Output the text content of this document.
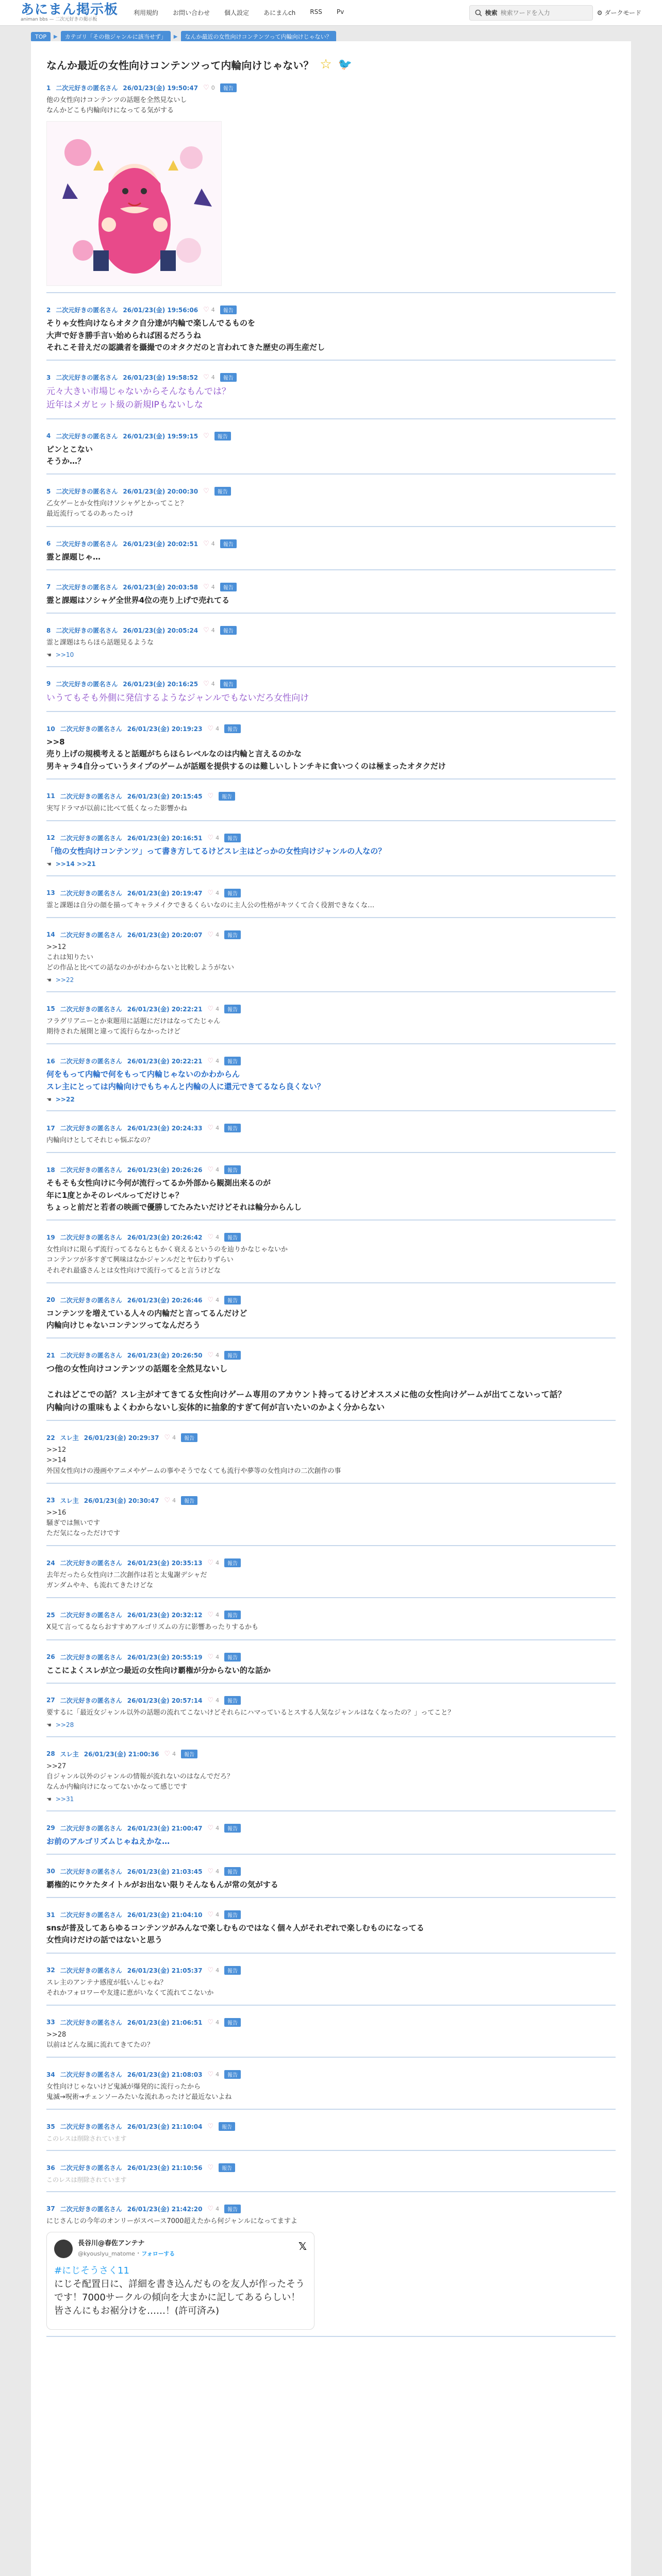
あにまん掲示板
animan bbs — 二次元好きの掲示板
利用規約 お問い合わせ 個人設定 あにまんch RSS Pv	検索
検索ワードを入力	⚙ ダークモード
TOP	▶	カテゴリ「その他ジャンルに該当せず」	▶	なんか最近の女性向けコンテンツって内輪向けじゃない？
なんか最近の女性向けコンテンツって内輪向けじゃない？ ☆ 🐦
1 二次元好きの匿名さん 26/01/23(金) 19:50:47 ♡ 0	報告
他の女性向けコンテンツの話題を全然見ないし
なんかどこも内輪向けになってる気がする
2 二次元好きの匿名さん 26/01/23(金) 19:56:06 ♡ 4	報告
そりゃ女性向けならオタク自分達が内輪で楽しんでるものを
大声で好き勝手言い始められば困るだろうね
それこそ昔えだの認識者を攝撮でのオタクだのと言われてきた歴史の再生産だし
3 二次元好きの匿名さん 26/01/23(金) 19:58:52 ♡ 4	報告
元々大きい市場じゃないからそんなもんでは？
近年はメガヒット級の新規IPもないしな
4 二次元好きの匿名さん 26/01/23(金) 19:59:15 ♡	報告
ピンとこない
そうか…？
5 二次元好きの匿名さん 26/01/23(金) 20:00:30 ♡	報告
乙女ゲーとか女性向けソシャゲとかってこと？
最近流行ってるのあったっけ
6 二次元好きの匿名さん 26/01/23(金) 20:02:51 ♡ 4	報告
霊と課題じゃ…
7 二次元好きの匿名さん 26/01/23(金) 20:03:58 ♡ 4	報告
霊と課題はソシャゲ全世界4位の売り上げで売れてる
8 二次元好きの匿名さん 26/01/23(金) 20:05:24 ♡ 4	報告
霊と課題はちらほら話題見るような
☚ >>10
9 二次元好きの匿名さん 26/01/23(金) 20:16:25 ♡ 4	報告
いうてもそも外側に発信するようなジャンルでもないだろ女性向け
10 二次元好きの匿名さん 26/01/23(金) 20:19:23 ♡ 4	報告
>>8
売り上げの規模考えると話題がちらほらレベルなのは内輪と言えるのかな
男キャラ4自分っていうタイプのゲームが話題を提供するのは難しいしトンチキに食いつくのは極まったオタクだけ
11 二次元好きの匿名さん 26/01/23(金) 20:15:45 ♡	報告
実写ドラマが以前に比べて低くなった影響かね
12 二次元好きの匿名さん 26/01/23(金) 20:16:51 ♡ 4	報告
「他の女性向けコンテンツ」って書き方してるけどスレ主はどっかの女性向けジャンルの人なの？
☚ >>14 >>21
13 二次元好きの匿名さん 26/01/23(金) 20:19:47 ♡ 4	報告
霊と課題は自分の顔を描ってキャラメイクできるくらいなのに主人公の性格がキツくて合く役割できなくな…
14 二次元好きの匿名さん 26/01/23(金) 20:20:07 ♡ 4	報告
>>12
これは知りたい
どの作品と比べての話なのかがわからないと比較しようがない
☚ >>22
15 二次元好きの匿名さん 26/01/23(金) 20:22:21 ♡ 4	報告
フラグリアニーとか束題用に話題にだけはなってたじゃん
期待された展開と違って流行らなかったけど
16 二次元好きの匿名さん 26/01/23(金) 20:22:21 ♡ 4	報告
何をもって内輪で何をもって内輪じゃないのかわからん
スレ主にとっては内輪向けでもちゃんと内輪の人に還元できてるなら良くない？
☚ >>22
17 二次元好きの匿名さん 26/01/23(金) 20:24:33 ♡ 4	報告
内輪向けとしてそれじゃ悩ぶなの？
18 二次元好きの匿名さん 26/01/23(金) 20:26:26 ♡ 4	報告
そもそも女性向けに今何が流行ってるか外部から観測出来るのが
年に1度とかそのレベルってだけじゃ？
ちょっと前だと若者の映画で優勝してたみたいだけどそれは輪分からんし
19 二次元好きの匿名さん 26/01/23(金) 20:26:42 ♡ 4	報告
女性向けに限らず流行ってるならともかく衰えるというのを辿りかなじゃないか
コンテンツが多すぎて興味はなかジャンルだとヤ伝わりずらい
それぞれ最盛さんとは女性向けで流行ってると言うけどな
20 二次元好きの匿名さん 26/01/23(金) 20:26:46 ♡ 4	報告
コンテンツを増えている人々の内輪だと言ってるんだけど
内輪向けじゃないコンテンツってなんだろう
21 二次元好きの匿名さん 26/01/23(金) 20:26:50 ♡ 4	報告
つ他の女性向けコンテンツの話題を全然見ないし

これはどこでの話？スレ主がオてきてる女性向けゲーム専用のアカウント持ってるけどオススメに他の女性向けゲームが出てこないって話？
内輪向けの重味もよくわからないし妄体的に抽象的すぎて何が言いたいのかよく分からない
22 スレ主 26/01/23(金) 20:29:37 ♡ 4	報告
>>12
>>14
外国女性向けの漫画やアニメやゲームの事やそうでなくても流行や夢等の女性向けの二次創作の事
23 スレ主 26/01/23(金) 20:30:47 ♡ 4	報告
>>16
騒ぎでは無いです
ただ気になっただけです
24 二次元好きの匿名さん 26/01/23(金) 20:35:13 ♡ 4	報告
去年だったら女性向け二次創作は若と太鬼謝デシャだ
ガンダムやキ、も流れてきたけどな
25 二次元好きの匿名さん 26/01/23(金) 20:32:12 ♡ 4	報告
X見て言ってるならおすすめアルゴリズムの方に影響あったりするかも
26 二次元好きの匿名さん 26/01/23(金) 20:55:19 ♡ 4	報告
ここによくスレが立つ最近の女性向け覇権が分からない的な話か
27 二次元好きの匿名さん 26/01/23(金) 20:57:14 ♡ 4	報告
要するに「最近女ジャンル以外の話題の流れてこないけどそれらにハマっているとスする人気なジャンルはなくなったの？」ってこと？
☚ >>28
28 スレ主 26/01/23(金) 21:00:36 ♡ 4	報告
>>27
自ジャンル以外のジャンルの情報が流れないのはなんでだろ？
なんか内輪向けになってないかなって感じです
☚ >>31
29 二次元好きの匿名さん 26/01/23(金) 21:00:47 ♡ 4	報告
お前のアルゴリズムじゃねえかな…
30 二次元好きの匿名さん 26/01/23(金) 21:03:45 ♡ 4	報告
覇権的にウケたタイトルがお出ない限りそんなもんが常の気がする
31 二次元好きの匿名さん 26/01/23(金) 21:04:10 ♡ 4	報告
snsが普及してあらゆるコンテンツがみんなで楽しむものではなく個々人がそれぞれで楽しむものになってる
女性向けだけの話ではないと思う
32 二次元好きの匿名さん 26/01/23(金) 21:05:37 ♡ 4	報告
スレ主のアンテナ感度が低いんじゃね？
それかフォロワーや友達に恵がいなくて流れてこないか
33 二次元好きの匿名さん 26/01/23(金) 21:06:51 ♡ 4	報告
>>28
以前はどんな風に流れてきてたの？
34 二次元好きの匿名さん 26/01/23(金) 21:08:03 ♡ 4	報告
女性向けじゃないけど鬼滅が爆発的に流行ったから
鬼滅→呪術→チェンソーみたいな流れあったけど最近ないよね
35 二次元好きの匿名さん 26/01/23(金) 21:10:04 ♡	報告
このレスは削除されています
36 二次元好きの匿名さん 26/01/23(金) 21:10:56 ♡	報告
このレスは削除されています
37 二次元好きの匿名さん 26/01/23(金) 21:42:20 ♡ 4	報告
にじさんじの今年のオンリーがスペース7000超えたから何ジャンルになってますよ
長谷川@春佐アンテナ
@kyouslyu_matome · フォローする
𝕏
#にじそうさく11
にじそ配置日に、詳細を書き込んだものを友人が作ったそうです！7000サークルの傾向を大まかに記してあるらしい！皆さんにもお裾分けを……！(許可済み)
